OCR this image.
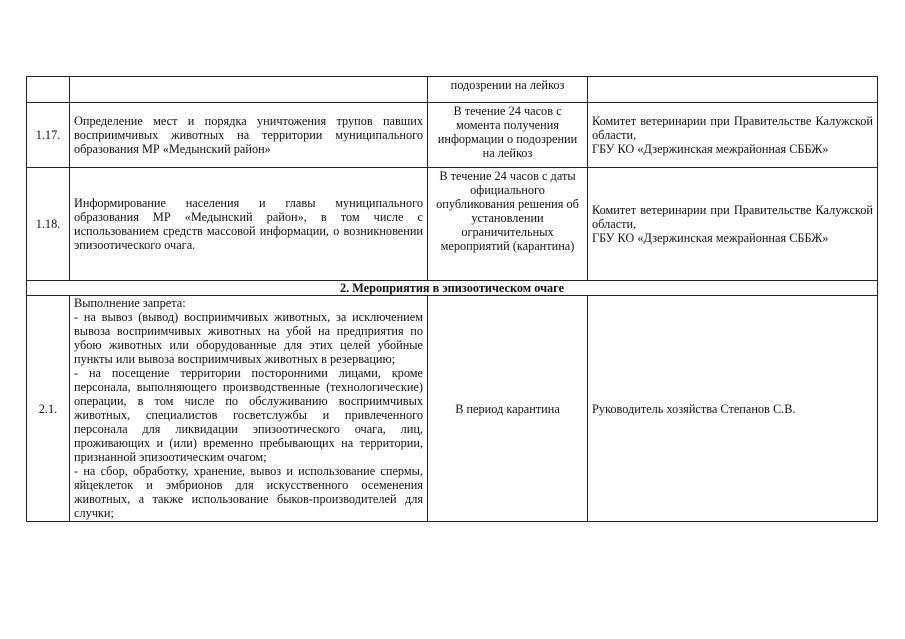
		подозрении на лейкоз	
1.17.	Определение мест и порядка уничтожения трупов павших восприимчивых животных на территории муниципального образования МР «Медынский район»	В течение 24 часов с момента получения информации о подозрении на лейкоз	Комитет ветеринарии при Правительстве Калужской области,
ГБУ КО «Дзержинская межрайонная СББЖ»

1.18.	Информирование населения и главы муниципального образования МР «Медынский район», в том числе с использованием средств массовой информации, о возникновении эпизоотического очага.	В течение 24 часов с даты официального опубликования решения об установлении ограничительных мероприятий (карантина)	Комитет ветеринарии при Правительстве Калужской области,
ГБУ КО «Дзержинская межрайонная СББЖ»

2. Мероприятия в эпизоотическом очаге			
2.1.	Выполнение запрета:
- на вывоз (вывод) восприимчивых животных, за исключением вывоза восприимчивых животных на убой на предприятия по убою животных или оборудованные для этих целей убойные пункты или вывоза восприимчивых животных в резервацию;
- на посещение территории посторонними лицами, кроме персонала, выполняющего производственные (технологические) операции, в том числе по обслуживанию восприимчивых животных, специалистов госветслужбы и привлеченного персонала для ликвидации эпизоотического очага, лиц, проживающих и (или) временно пребывающих на территории, признанной эпизоотическим очагом;
- на сбор, обработку, хранение, вывоз и использование спермы, яйцеклеток и эмбрионов для искусственного осеменения животных, а также использование быков-производителей для случки;	В период карантина	Руководитель хозяйства Степанов С.В.
